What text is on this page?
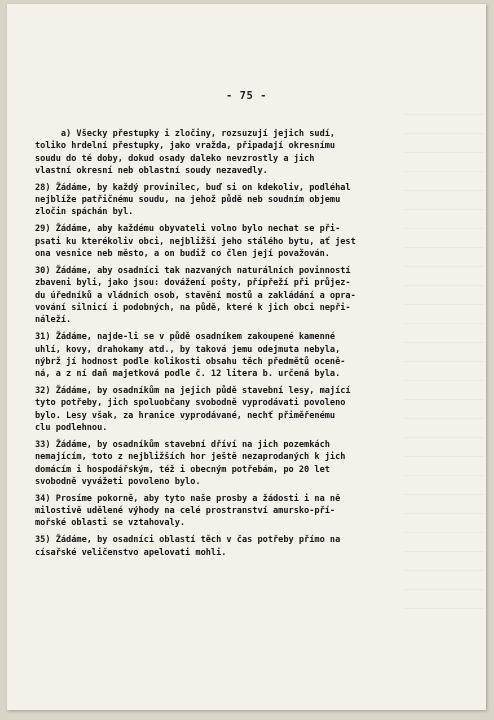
- 75 -
a) Všecky přestupky i zločiny, rozsuzují jejich sudí,
toliko hrdelní přestupky, jako vražda, připadají okresnímu
soudu do té doby, dokud osady daleko nevzrostly a jich
vlastní okresní neb oblastní soudy nezavedly.
28) Žádáme, by každý provinilec, buď si on kdekoliv, podléhal
nejblíže patřičnému soudu, na jehož půdě neb soudním objemu
zločin spáchán byl.
29) Žádáme, aby každému obyvateli volno bylo nechat se při-
psati ku kterékoliv obci, nejbližší jeho stálého bytu, ať jest
ona vesnice neb město, a on budiž co člen její považován.
30) Žádáme, aby osadníci tak nazvaných naturálních povinností
zbaveni byli, jako jsou: dovážení pošty, přípřeží při průjez-
du úředníků a vládních osob, stavění mostů a zakládání a opra-
vování silnicí i podobných, na půdě, které k jich obci nepři-
náleží.
31) Žádáme, najde-li se v půdě osadníkem zakoupené kamenné
uhlí, kovy, drahokamy atd., by taková jemu odejmuta nebyla,
nýbrž jí hodnost podle kolikosti obsahu těch předmětů oceně-
ná, a z ní daň majetková podle č. 12 litera b. určená byla.
32) Žádáme, by osadníkům na jejich půdě stavební lesy, mající
tyto potřeby, jich spoluobčany svobodně vyprodávati povoleno
bylo. Lesy však, za hranice vyprodávané, nechť přiměřenému
clu podlehnou.
33) Žádáme, by osadníkům stavební dříví na jich pozemkách
nemajícím, toto z nejbližších hor ještě nezaprodaných k jich
domácím i hospodářským, též i obecným potřebám, po 20 let
svobodně vyvážeti povoleno bylo.
34) Prosíme pokorně, aby tyto naše prosby a žádosti i na ně
milostivě udělené výhody na celé prostranství amursko-pří-
mořské oblasti se vztahovaly.
35) Žádáme, by osadníci oblastí těch v čas potřeby přímo na
císařské veličenstvo apelovati mohli.
